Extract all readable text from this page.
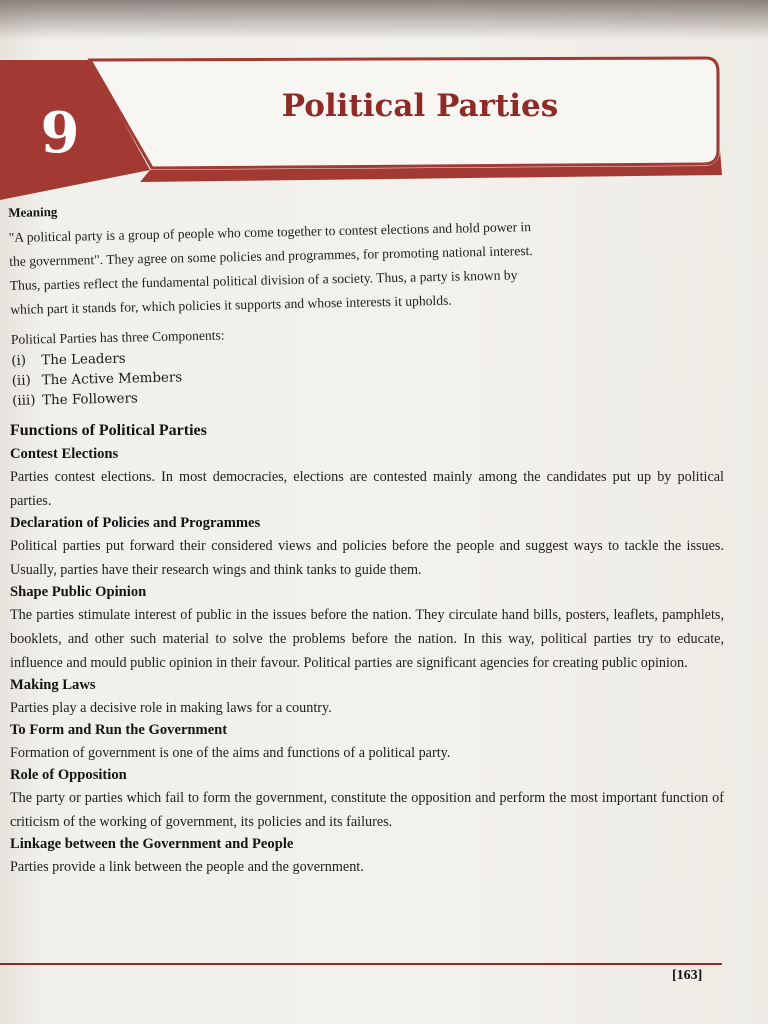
9	Political Parties
Meaning
"A political party is a group of people who come together to contest elections and hold power in
the government". They agree on some policies and programmes, for promoting national interest.
Thus, parties reflect the fundamental political division of a society. Thus, a party is known by
which part it stands for, which policies it supports and whose interests it upholds.
Political Parties has three Components:
(i)	The Leaders
(ii) The Active Members
(iii) The Followers
Functions of Political Parties
Contest Elections
Parties contest elections. In most democracies, elections are contested mainly among the candidates put up by political parties.
Declaration of Policies and Programmes
Political parties put forward their considered views and policies before the people and suggest ways to tackle the issues. Usually, parties have their research wings and think tanks to guide them.
Shape Public Opinion
The parties stimulate interest of public in the issues before the nation. They circulate hand bills, posters, leaflets, pamphlets, booklets, and other such material to solve the problems before the nation. In this way, political parties try to educate, influence and mould public opinion in their favour. Political parties are significant agencies for creating public opinion.
Making Laws
Parties play a decisive role in making laws for a country.
To Form and Run the Government
Formation of government is one of the aims and functions of a political party.
Role of Opposition
The party or parties which fail to form the government, constitute the opposition and perform the most important function of criticism of the working of government, its policies and its failures.
Linkage between the Government and People
Parties provide a link between the people and the government.
[163]
